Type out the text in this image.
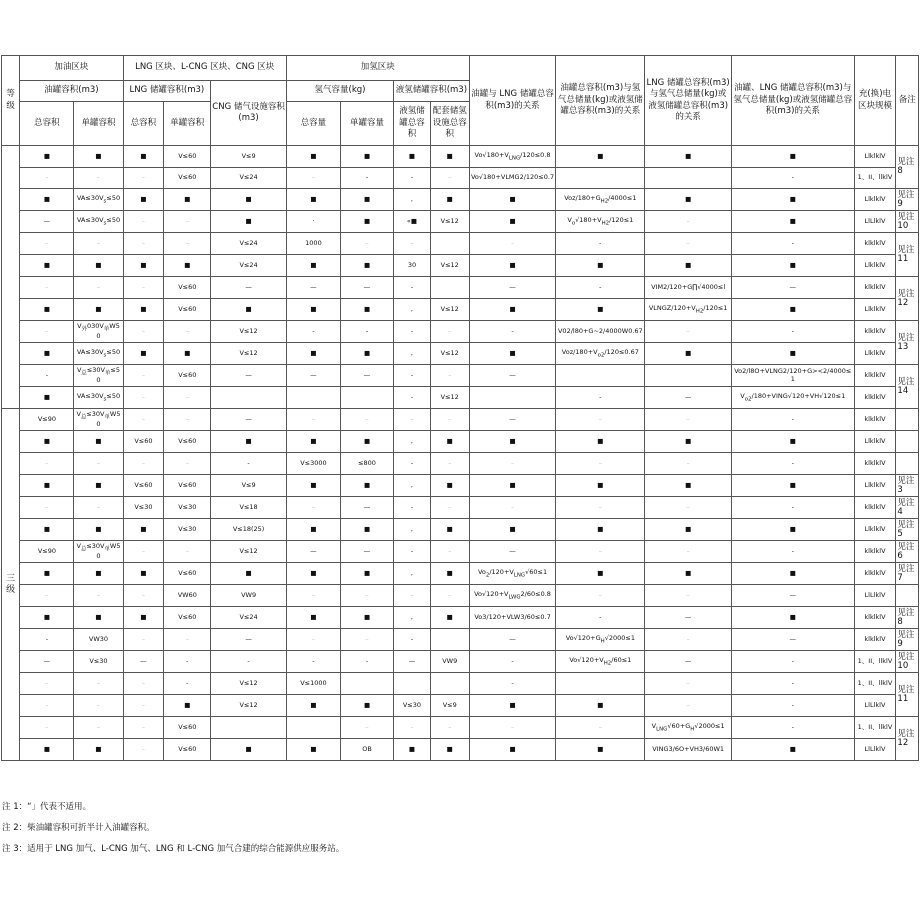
等级	加油区块		LNG 区块、L-CNG 区块、CNG 区块			加氢区块				油罐与 LNG 储罐总容积(m3)的关系	油罐总容积(m3)与氢气总储量(kg)或液氢储罐总容积(m3)的关系	LNG 储罐总容积(m3)与氢气总储量(kg)或液氢储罐总容积(m3)的关系	油罐、LNG 储罐总容积(m3)与氢气总储量(kg)或液氢储罐总容积(m3)的关系	充(换)电区块规模	备注
	油罐容积(m3)		LNG 储罐容积(m3)		CNG 储气设施容积(m3)	氢气容量(kg)		液氢储罐容积(m3)							
	总容积	单罐容积	总容积	单罐容积		总容量	单罐容量	液氢储罐总容积	配套储氢设施总容积						
	■	■	■	V≤60	V≤9	■	■	■	■	$Vo√180+V_{LNG}/120\le 0.8$	■	■	■	LlklklV	见注8
	–	–	–	V≤60	V≤24	–	-	-	–	Vo√180+VLMG2/120≤0.7			-	1、II、llklV	
	■	$VA\le 30V_s\le 50$	■	■	■	■	■	,	■	■	Voz/$180+G_{H2}/4000\le 1$	■	■	LlklklV	见注9
	—	$VA\le 30V_s\le 50$	–	–	■	·	■	«■	V≤12	■	$V_o√180+V_{H2}/120\le 1$	–	■	LlLlklV	见注10
	–	–	–	–	V≤24	1000	–	–		–	-	–	-	klklklV	见注11
	■	■	■	■	V≤24	■	■	30	V≤12	■	■	■	■	LlklklV	
	–	–	–	V≤60	—	—	—	-		—	-	VIM2/120+G∏√4000≤l	—	klklklV	见注12
	■	■	■	V≤60	■	■	■	,	V≤12	■	■	VLNGZ/$120+V_{H2}/120\le 1$	■	LlklklV	
	–	$V_外030V_单W50$	–	–	V≤12	-	-	-	–	-	V02/l80+G~2/4000W0.67	–	-	klklklV	见注13
	■	$VA\le 30V_s\le 50$	■	■	V≤12	■	■	,	V≤12	■	Voz/$180+V_{o2}/120\le 0.67$	■	■	LlklklV	
	-	$V_总\le 30V_单\le 50$	–	V≤60	—	—	—	-	–	—			Vo2/l8O+VLNG2/120+G><2/4000≤1	klklklV	见注14
	■	$VA\le 30V_s\le 50$	–	–				-	V≤12		-	—	$V_{o2}/180+VING√120+VH√120\le 1$	klklklV	
三级	V≤90	$V_总\le 30V_单W50$	–	–	—	–	–	–	–	—	–	–	-	klklklV	
	■	■	V≤60	V≤60	■	■	■	,	■	■	■	■	■	LlklklV	
	–	–	–	–	-	V≤3000	≤800	-	–	–	–	–	-	klklklV	
	■	■	V≤60	V≤60	V≤9	■	■	,	■	■	■	■	■	LlklklV	见注3
	–	–	V≤30	V≤30	V≤18	–	—	-	–	–	–	–	-	klklklV	见注4
	■	■	■	V≤30	V≤18(25)	■	■	,	■	■	■	■	■	LlklklV	见注5
	V≤90	$V_总\le 30V_单W50$	–	–	V≤12	—	—	-	–	—	–	–	-	klklklV	见注6
	■	■	■	V≤60	■	■	■	,	■	$Vo_2/120+V_{LNG}√60\le 1$	■	■	■	klklklV	见注7
	–	–	–	VW60	VW9	–	–	–	–	$Vo√120+V_{LWG}2/60\le 0.8$	–	–	—	LlLlklV	
	■	■	■	V≤60	V≤24	■	■	,	■	Vo3/120+VLW3/60≤0.7	-	—	■	klklklV	见注8
	-	VW30	–	–	—	–	–	-		—	$Vo√120+G_H√2000\le 1$	–	—	klklklV	见注9
	—	V≤30	—	-	-	-	-	—	VW9	-	$Vo√120+V_{H2}/60\le 1$	—	-	1、II、llklV	见注10
	–	–	–	-	V≤12	V≤1000				-		–	-	1、II、llklV	见注11
	–	–	–	■	V≤12	■	■	V≤30	V≤9	■	■	–	-	LlLlklV	
	–	–	–	V≤60			–	–	–	–	–	$V_{LNG}√60+G_H√2000\le 1$	-	1、II、llklV	见注12
	■	■	–	V≤60	■	■	OB	■	■	■	■	VING3/6O+VH3/60W1	■	LlLlklV	
注 1：“」代表不适用。
注 2：柴油罐容积可折半计入油罐容积。
注 3：适用于 LNG 加气、L-CNG 加气、LNG 和 L-CNG 加气合建的综合能源供应服务站。
